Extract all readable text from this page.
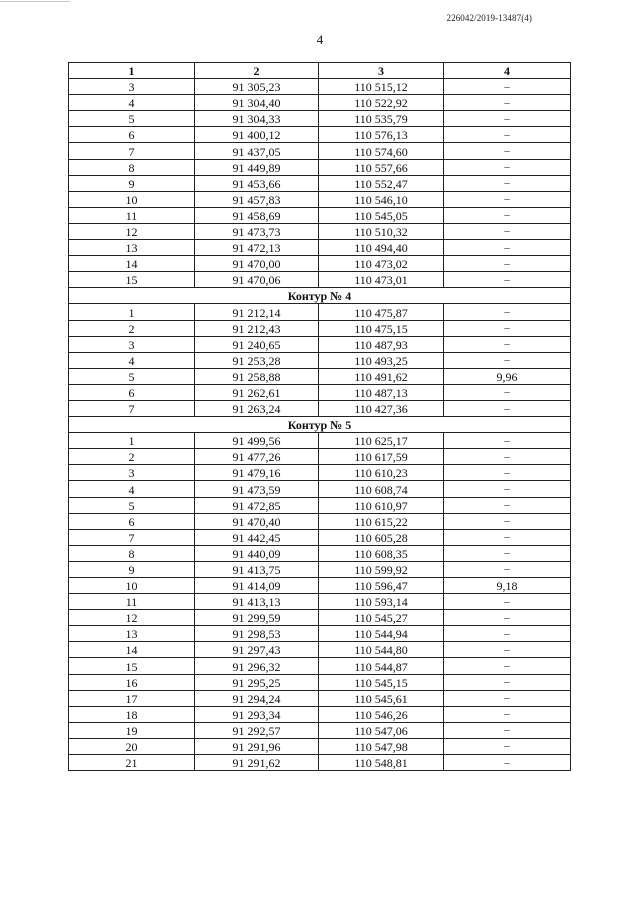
226042/2019-13487(4)
4
1	2	3	4
3	91 305,23	110 515,12	–
4	91 304,40	110 522,92	–
5	91 304,33	110 535,79	–
6	91 400,12	110 576,13	–
7	91 437,05	110 574,60	–
8	91 449,89	110 557,66	–
9	91 453,66	110 552,47	–
10	91 457,83	110 546,10	–
11	91 458,69	110 545,05	–
12	91 473,73	110 510,32	–
13	91 472,13	110 494,40	–
14	91 470,00	110 473,02	–
15	91 470,06	110 473,01	–
Контур № 4			
1	91 212,14	110 475,87	–
2	91 212,43	110 475,15	–
3	91 240,65	110 487,93	–
4	91 253,28	110 493,25	–
5	91 258,88	110 491,62	9,96
6	91 262,61	110 487,13	–
7	91 263,24	110 427,36	–
Контур № 5			
1	91 499,56	110 625,17	–
2	91 477,26	110 617,59	–
3	91 479,16	110 610,23	–
4	91 473,59	110 608,74	–
5	91 472,85	110 610,97	–
6	91 470,40	110 615,22	–
7	91 442,45	110 605,28	–
8	91 440,09	110 608,35	–
9	91 413,75	110 599,92	–
10	91 414,09	110 596,47	9,18
11	91 413,13	110 593,14	–
12	91 299,59	110 545,27	–
13	91 298,53	110 544,94	–
14	91 297,43	110 544,80	–
15	91 296,32	110 544,87	–
16	91 295,25	110 545,15	–
17	91 294,24	110 545,61	–
18	91 293,34	110 546,26	–
19	91 292,57	110 547,06	–
20	91 291,96	110 547,98	–
21	91 291,62	110 548,81	–
